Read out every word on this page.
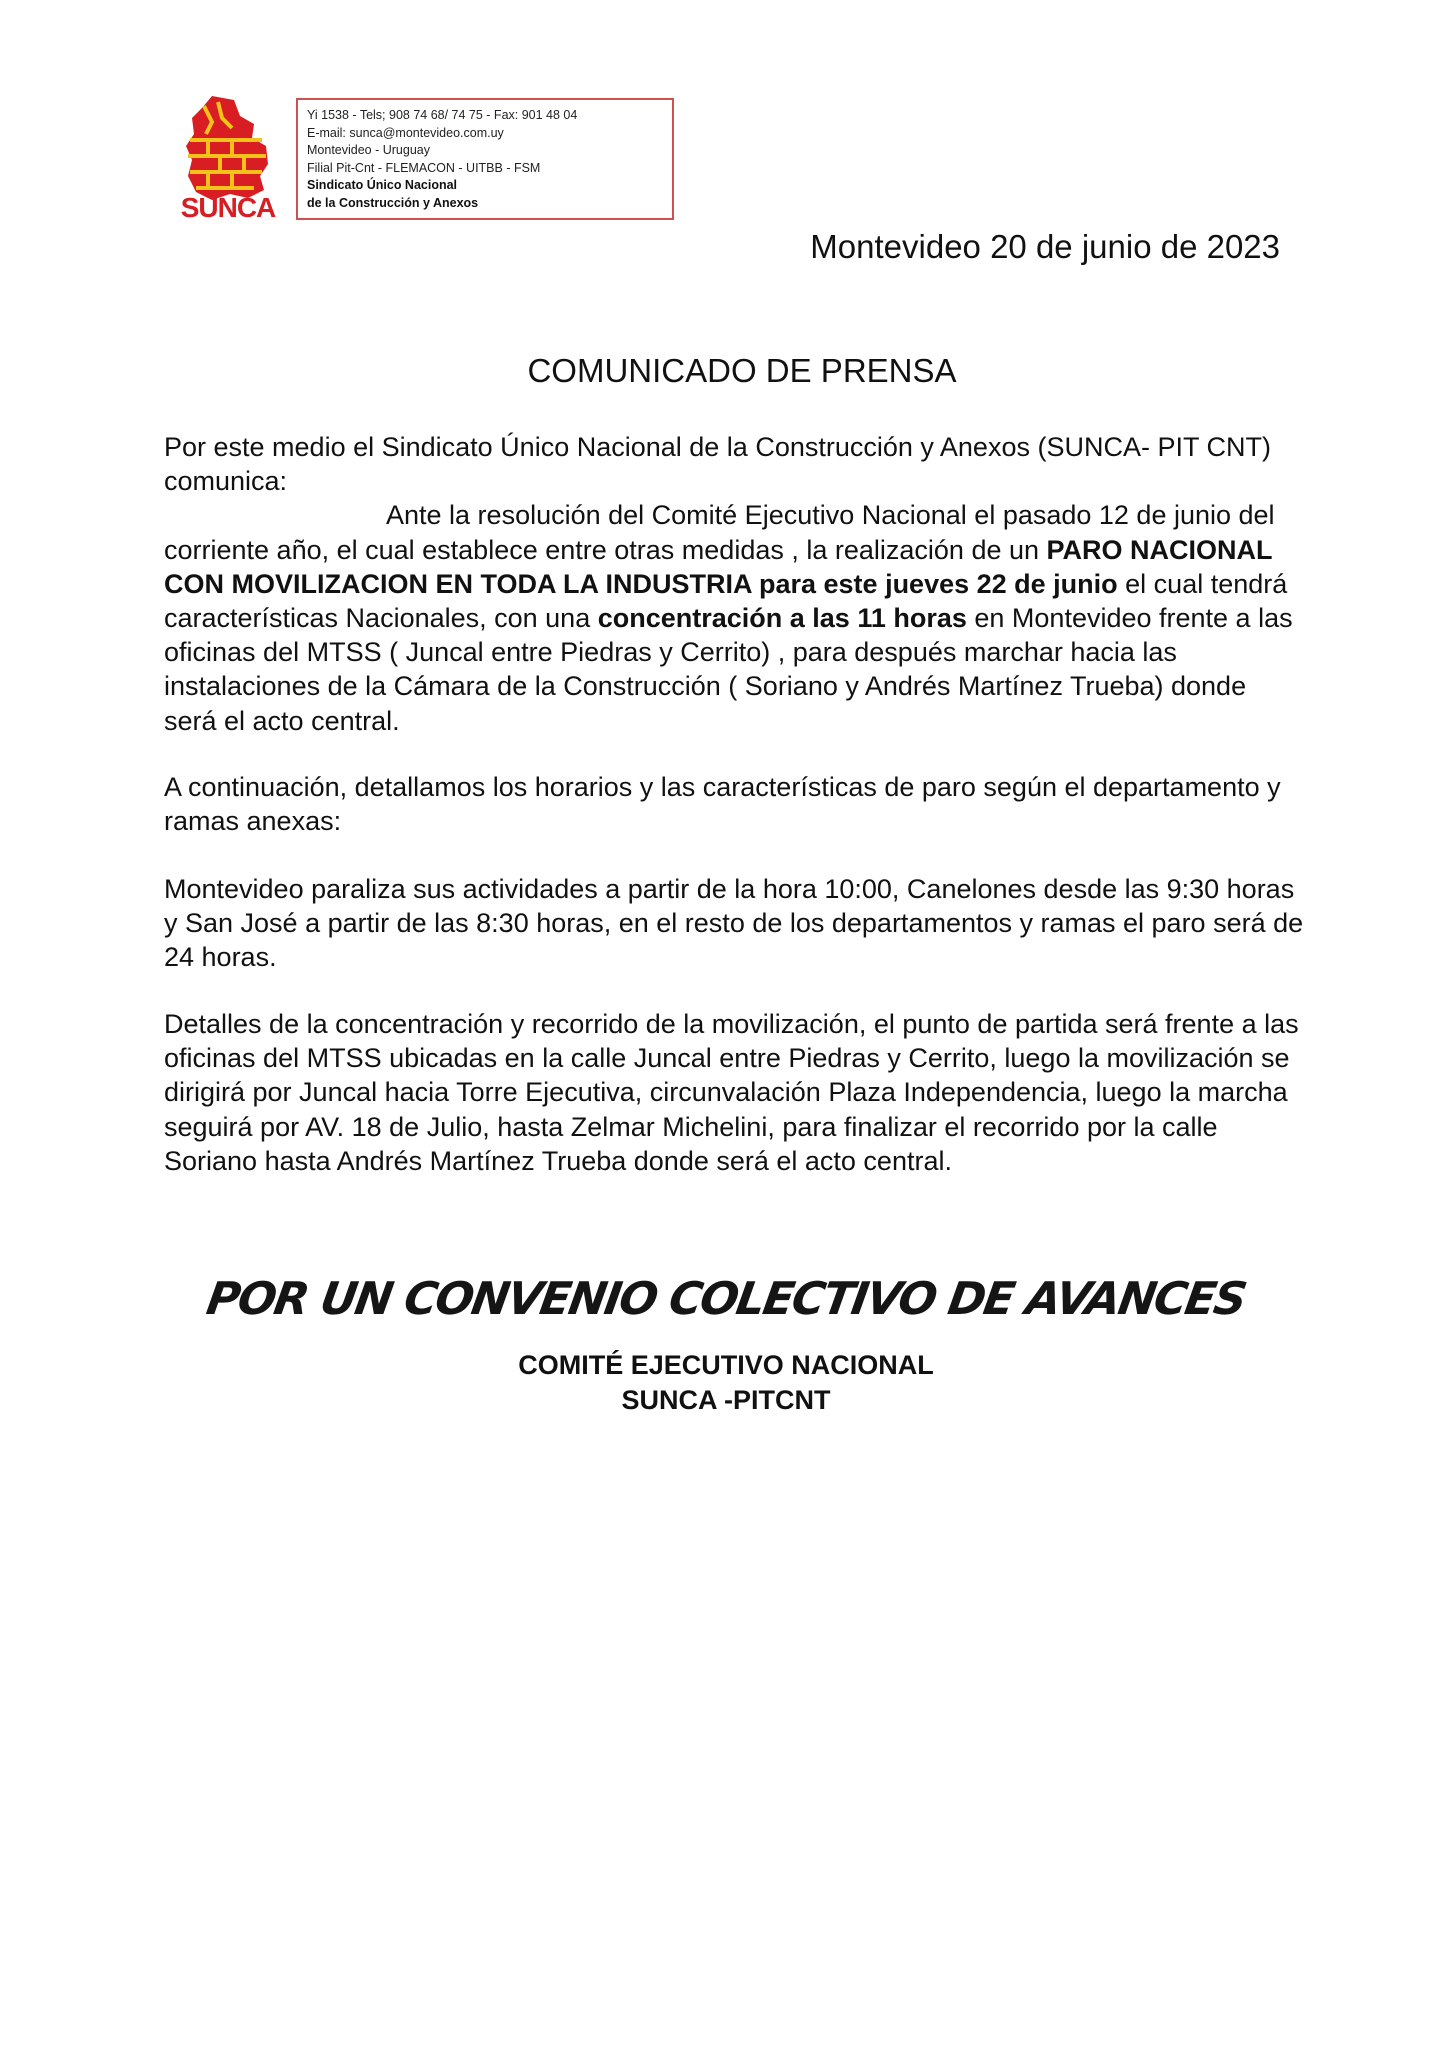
SUNCA
Yi 1538 - Tels; 908 74 68/ 74 75 - Fax: 901 48 04
E-mail: sunca@montevideo.com.uy
Montevideo - Uruguay
Filial Pit-Cnt - FLEMACON - UITBB - FSM
Sindicato Único Nacional
de la Construcción y Anexos
Montevideo 20 de junio de 2023
COMUNICADO DE PRENSA

Por este medio el Sindicato Único Nacional de la Construcción y Anexos (SUNCA- PIT CNT) comunica:

Ante la resolución del Comité Ejecutivo Nacional el pasado 12 de junio del corriente año, el cual establece entre otras medidas , la realización de un PARO NACIONAL CON MOVILIZACION EN TODA LA INDUSTRIA para este jueves 22 de junio el cual tendrá características Nacionales, con una concentración a las 11 horas en Montevideo frente a las oficinas del MTSS ( Juncal entre Piedras y Cerrito) , para después marchar hacia las instalaciones de la Cámara de la Construcción ( Soriano y Andrés Martínez Trueba) donde será el acto central.

A continuación, detallamos los horarios y las características de paro según el departamento y ramas anexas:
Montevideo paraliza sus actividades a partir de la hora 10:00, Canelones desde las 9:30 horas y San José a partir de las 8:30 horas, en el resto de los departamentos y ramas el paro será de 24 horas.
Detalles de la concentración y recorrido de la movilización, el punto de partida será frente a las oficinas del MTSS ubicadas en la calle Juncal entre Piedras y Cerrito, luego la movilización se dirigirá por Juncal hacia Torre Ejecutiva, circunvalación Plaza Independencia, luego la marcha seguirá por AV. 18 de Julio, hasta Zelmar Michelini, para finalizar el recorrido por la calle Soriano hasta Andrés Martínez Trueba donde será el acto central.
POR UN CONVENIO COLECTIVO DE AVANCES
COMITÉ EJECUTIVO NACIONAL
SUNCA -PITCNT
